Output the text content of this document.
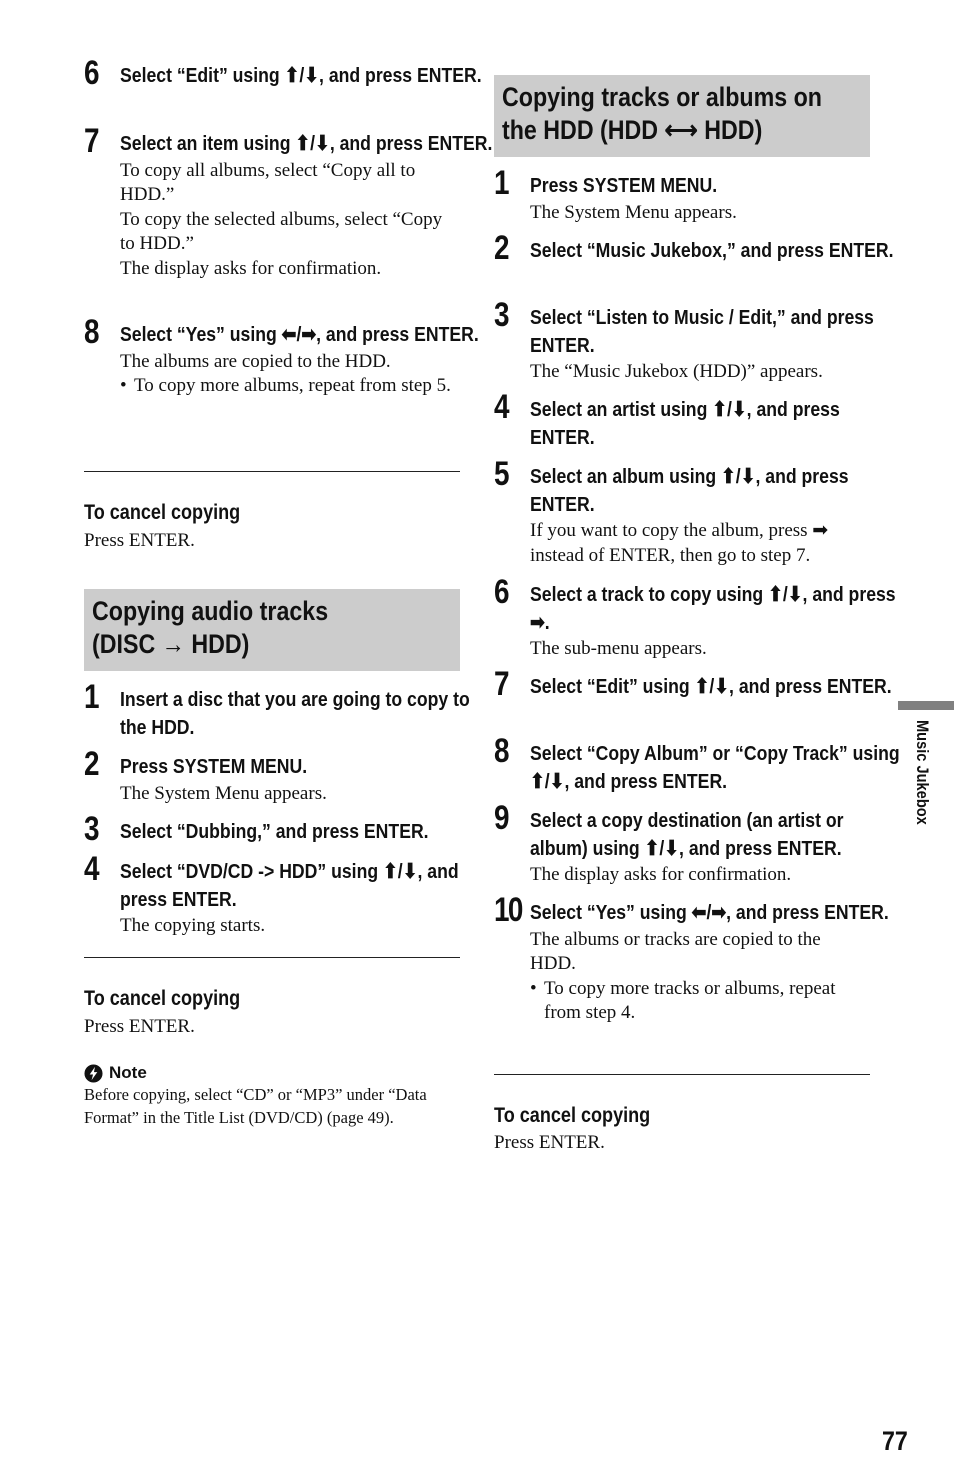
6 Select “Edit” using ⬆/⬇, and press ENTER.
7 Select an item using ⬆/⬇, and press ENTER.
To copy all albums, select “Copy all to HDD.”
To copy the selected albums, select “Copy to HDD.”
The display asks for confirmation.
8 Select “Yes” using ⬅/➡, and press ENTER.
The albums are copied to the HDD.
• To copy more albums, repeat from step 5.
To cancel copying
Press ENTER.
Copying audio tracks
(DISC → HDD)
1 Insert a disc that you are going to copy to the HDD.
2 Press SYSTEM MENU.
The System Menu appears.
3 Select “Dubbing,” and press ENTER.
4 Select “DVD/CD -> HDD” using ⬆/⬇, and press ENTER.
The copying starts.
To cancel copying
Press ENTER.
Note
Before copying, select “CD” or “MP3” under “Data Format” in the Title List (DVD/CD) (page 49).
Copying tracks or albums on
the HDD (HDD ⟷ HDD)
1 Press SYSTEM MENU.
The System Menu appears.
2 Select “Music Jukebox,” and press ENTER.
3 Select “Listen to Music / Edit,” and press ENTER.
The “Music Jukebox (HDD)” appears.
4 Select an artist using ⬆/⬇, and press ENTER.
5 Select an album using ⬆/⬇, and press ENTER.
If you want to copy the album, press ➡ instead of ENTER, then go to step 7.
6 Select a track to copy using ⬆/⬇, and press ➡.
The sub-menu appears.
7 Select “Edit” using ⬆/⬇, and press ENTER.
8 Select “Copy Album” or “Copy Track” using ⬆/⬇, and press ENTER.
9 Select a copy destination (an artist or album) using ⬆/⬇, and press ENTER.
The display asks for confirmation.
10 Select “Yes” using ⬅/➡, and press ENTER.
The albums or tracks are copied to the HDD.
• To copy more tracks or albums, repeat from step 4.
To cancel copying
Press ENTER.
Music Jukebox
77
